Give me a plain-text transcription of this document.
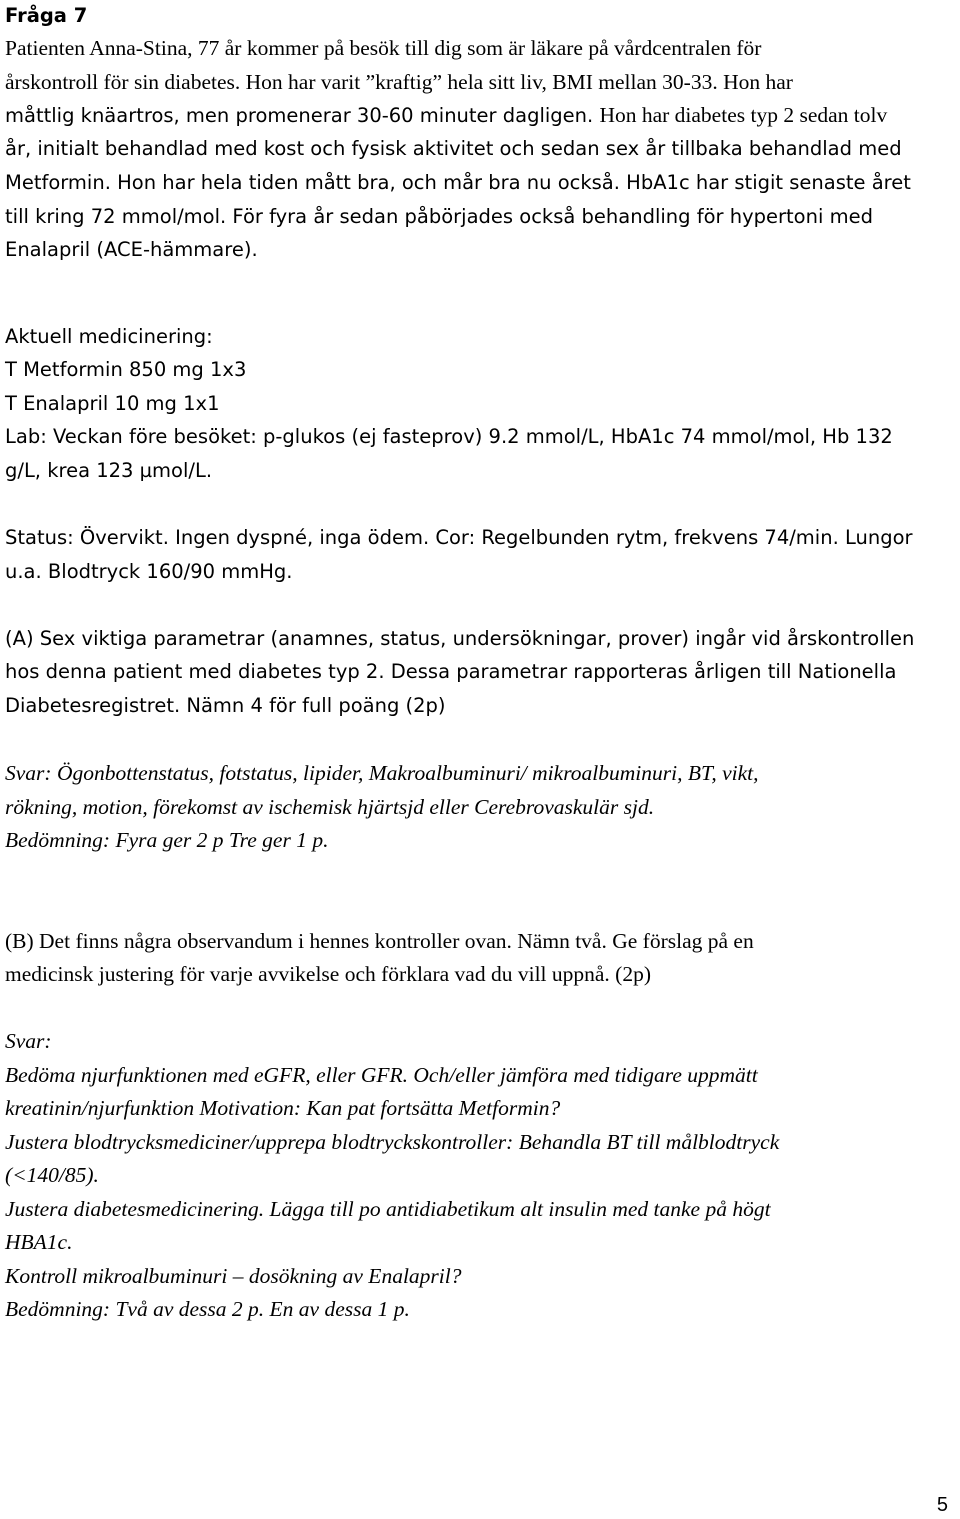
Fråga 7
Patienten Anna-Stina, 77 år kommer på besök till dig som är läkare på vårdcentralen för
årskontroll för sin diabetes. Hon har varit ”kraftig” hela sitt liv, BMI mellan 30-33. Hon har
måttlig knäartros, men promenerar 30-60 minuter dagligen. Hon har diabetes typ 2 sedan tolv
år, initialt behandlad med kost och fysisk aktivitet och sedan sex år tillbaka behandlad med
Metformin. Hon har hela tiden mått bra, och mår bra nu också. HbA1c har stigit senaste året
till kring 72 mmol/mol. För fyra år sedan påbörjades också behandling för hypertoni med
Enalapril (ACE-hämmare).
Aktuell medicinering:
T Metformin 850 mg 1x3
T Enalapril 10 mg 1x1
Lab: Veckan före besöket: p-glukos (ej fasteprov) 9.2 mmol/L, HbA1c 74 mmol/mol, Hb 132
g/L, krea 123 µmol/L.
Status: Övervikt. Ingen dyspné, inga ödem. Cor: Regelbunden rytm, frekvens 74/min. Lungor
u.a. Blodtryck 160/90 mmHg.
(A) Sex viktiga parametrar (anamnes, status, undersökningar, prover) ingår vid årskontrollen
hos denna patient med diabetes typ 2. Dessa parametrar rapporteras årligen till Nationella
Diabetesregistret. Nämn 4 för full poäng (2p)
Svar: Ögonbottenstatus, fotstatus, lipider, Makroalbuminuri/ mikroalbuminuri, BT, vikt,
rökning, motion, förekomst av ischemisk hjärtsjd eller Cerebrovaskulär sjd.
Bedömning: Fyra ger 2 p Tre ger 1 p.
(B) Det finns några observandum i hennes kontroller ovan. Nämn två. Ge förslag på en
medicinsk justering för varje avvikelse och förklara vad du vill uppnå. (2p)
Svar:
Bedöma njurfunktionen med eGFR, eller GFR. Och/eller jämföra med tidigare uppmätt
kreatinin/njurfunktion Motivation: Kan pat fortsätta Metformin?
Justera blodtrycksmediciner/upprepa blodtryckskontroller: Behandla BT till målblodtryck
(<140/85).
Justera diabetesmedicinering. Lägga till po antidiabetikum alt insulin med tanke på högt
HBA1c.
Kontroll mikroalbuminuri – dosökning av Enalapril?
Bedömning: Två av dessa 2 p. En av dessa 1 p.
5
